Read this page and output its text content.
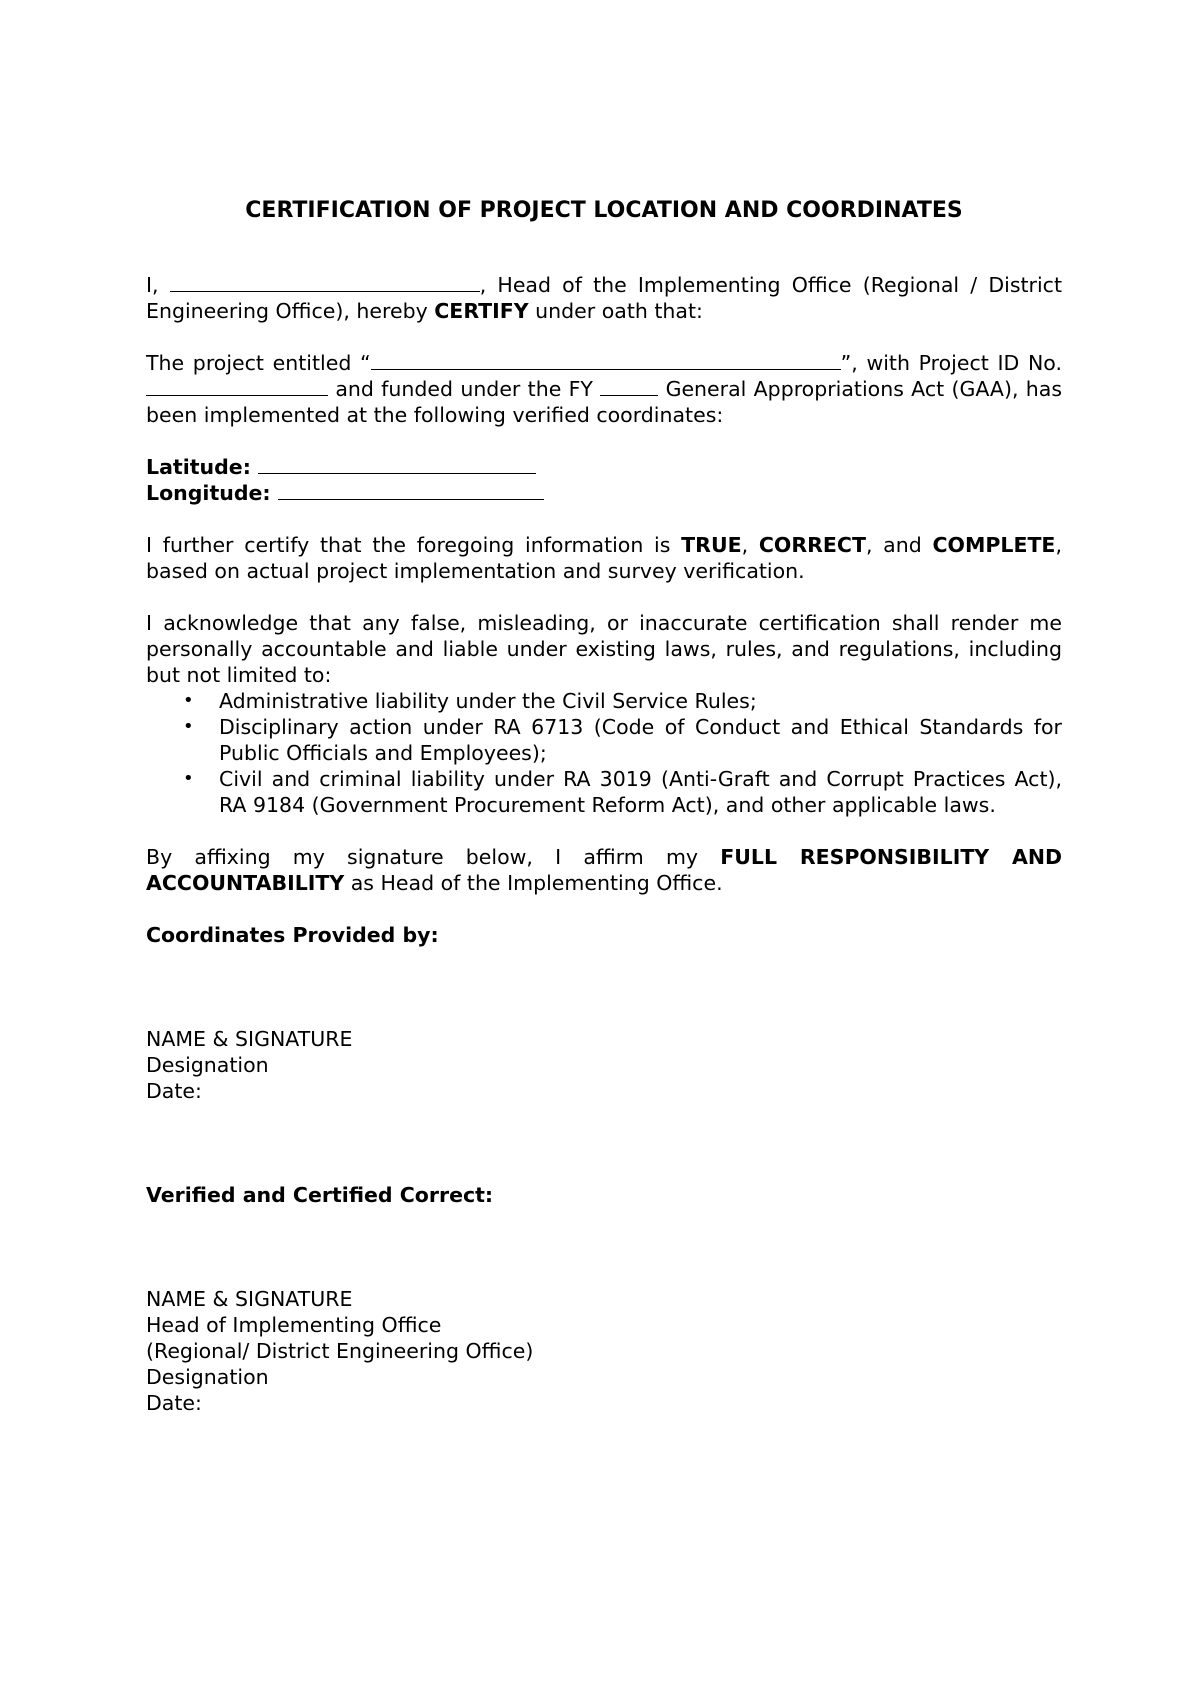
CERTIFICATION OF PROJECT LOCATION AND COORDINATES

I,	, Head of the Implementing Office (Regional / District Engineering Office), hereby CERTIFY under oath that:

The project entitled “	”, with Project ID No.  and funded under the FY	General Appropriations Act (GAA), has been implemented at the following verified coordinates:

Latitude:
Longitude:

I further certify that the foregoing information is TRUE, CORRECT, and COMPLETE, based on actual project implementation and survey verification.

I acknowledge that any false, misleading, or inaccurate certification shall render me personally accountable and liable under existing laws, rules, and regulations, including but not limited to:

• Administrative liability under the Civil Service Rules;
• Disciplinary action under RA 6713 (Code of Conduct and Ethical Standards for Public Officials and Employees);
• Civil and criminal liability under RA 3019 (Anti-Graft and Corrupt Practices Act), RA 9184 (Government Procurement Reform Act), and other applicable laws.

By affixing my signature below, I affirm my FULL RESPONSIBILITY AND ACCOUNTABILITY as Head of the Implementing Office.

Coordinates Provided by:
NAME & SIGNATURE
Designation
Date:
Verified and Certified Correct:
NAME & SIGNATURE
Head of Implementing Office
(Regional/ District Engineering Office)
Designation
Date:
